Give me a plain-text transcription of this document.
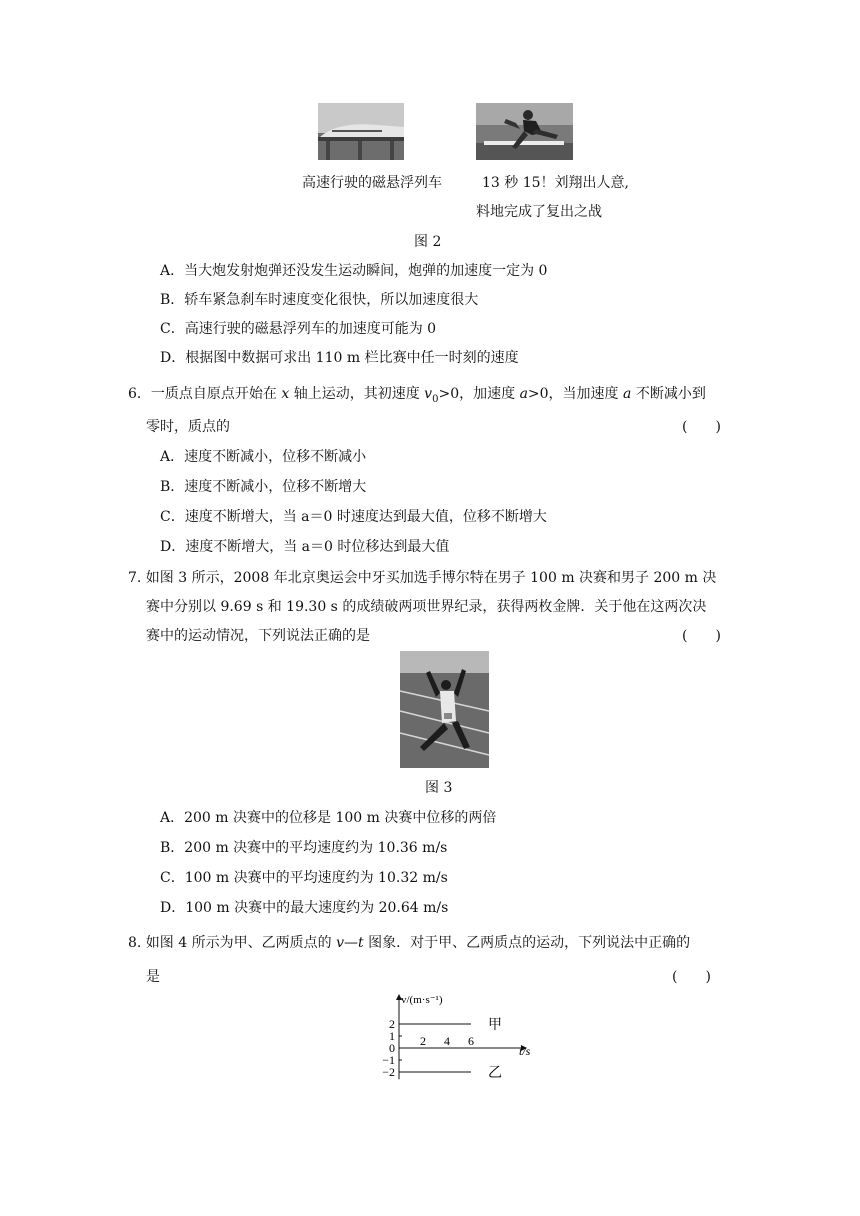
高速行驶的磁悬浮列车	13 秒 15！刘翔出人意,
料地完成了复出之战
图 2
A．当大炮发射炮弹还没发生运动瞬间，炮弹的加速度一定为 0
B．轿车紧急刹车时速度变化很快，所以加速度很大
C．高速行驶的磁悬浮列车的加速度可能为 0
D．根据图中数据可求出 110 m 栏比赛中任一时刻的速度
6．一质点自原点开始在 x 轴上运动，其初速度 $v_0>0$，加速度 a>0，当加速度 a 不断减小到
零时，质点的	(　　)
A．速度不断减小，位移不断减小
B．速度不断减小，位移不断增大
C．速度不断增大，当 a＝0 时速度达到最大值，位移不断增大
D．速度不断增大，当 a＝0 时位移达到最大值
7. 如图 3 所示，2008 年北京奥运会中牙买加选手博尔特在男子 100 m 决赛和男子 200 m 决
赛中分别以 9.69 s 和 19.30 s 的成绩破两项世界纪录，获得两枚金牌．关于他在这两次决
赛中的运动情况，下列说法正确的是	(　　)
图 3
A．200 m 决赛中的位移是 100 m 决赛中位移的两倍
B．200 m 决赛中的平均速度约为 10.36 m/s
C．100 m 决赛中的平均速度约为 10.32 m/s
D．100 m 决赛中的最大速度约为 20.64 m/s
8. 如图 4 所示为甲、乙两质点的 v—t 图象．对于甲、乙两质点的运动，下列说法中正确的
是	(　　)
2
1
0
−1
−2
2 4 6
v/(m·s⁻¹)
t/s
甲
乙
